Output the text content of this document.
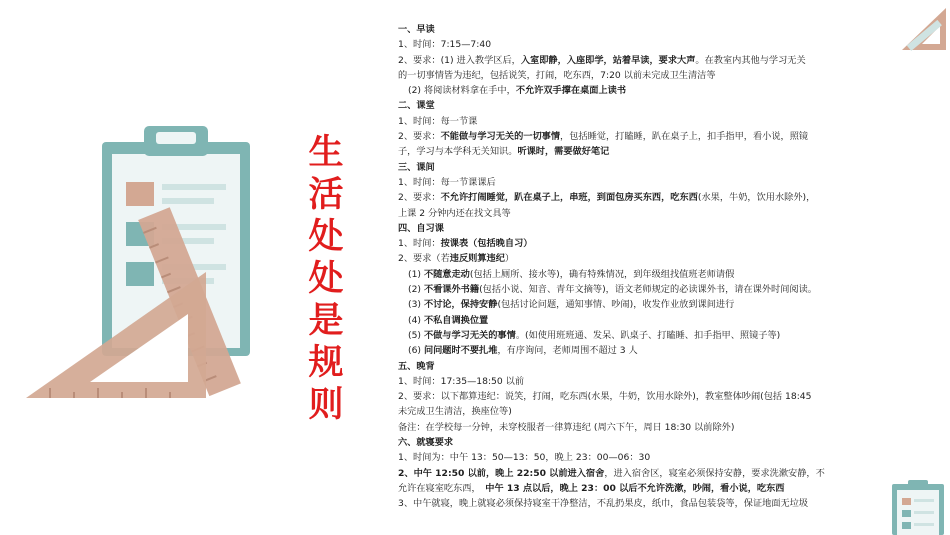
生活处处是规则
一、早读
1、时间：7:15—7:40
2、要求：(1) 进入教学区后，入室即静，入座即学，站着早读，要求大声。在教室内其他与学习无关
的一切事情皆为违纪，包括说笑，打闹，吃东西，7:20 以前未完成卫生清洁等
(2) 将阅读材料拿在手中，不允许双手撑在桌面上读书
二、课堂
1、时间：每一节课
2、要求：不能做与学习无关的一切事情，包括睡觉，打瞌睡，趴在桌子上，扣手指甲，看小说，照镜
子，学习与本学科无关知识。听课时，需要做好笔记
三、课间
1、时间：每一节课课后
2、要求：不允许打闹睡觉，趴在桌子上，串班，到面包房买东西，吃东西(水果，牛奶，饮用水除外)，
上课 2 分钟内还在找文具等
四、自习课
1、时间：按课表（包括晚自习）
2、要求（若违反则算违纪）
(1) 不随意走动(包括上厕所、接水等)，确有特殊情况，到年级组找值班老师请假
(2) 不看课外书籍(包括小说、知音、青年文摘等)，语文老师规定的必读课外书，请在课外时间阅读。
(3) 不讨论，保持安静(包括讨论问题，通知事情、吵闹)，收发作业放到课间进行
(4) 不私自调换位置
(5) 不做与学习无关的事情。(如使用班班通、发呆、趴桌子、打瞌睡、扣手指甲、照镜子等)
(6) 问问题时不要扎堆，有序询问，老师周围不超过 3 人
五、晚背
1、时间：17:35—18:50 以前
2、要求：以下都算违纪：说笑，打闹，吃东西(水果，牛奶，饮用水除外)，教室整体吵闹(包括 18:45
未完成卫生清洁，换座位等)
备注：在学校每一分钟，未穿校服者一律算违纪 (周六下午，周日 18:30 以前除外)
六、就寝要求
1、时间为：中午 13：50—13：50，晚上 23：00—06：30
2、中午 12:50 以前，晚上 22:50 以前进入宿舍，进入宿舍区，寝室必须保持安静，要求洗漱安静，不
允许在寝室吃东西，　中午 13 点以后，晚上 23：00 以后不允许洗漱，吵闹，看小说，吃东西
3、中午就寝，晚上就寝必须保持寝室干净整洁，不乱扔果皮，纸巾，食品包装袋等，保证地面无垃圾
